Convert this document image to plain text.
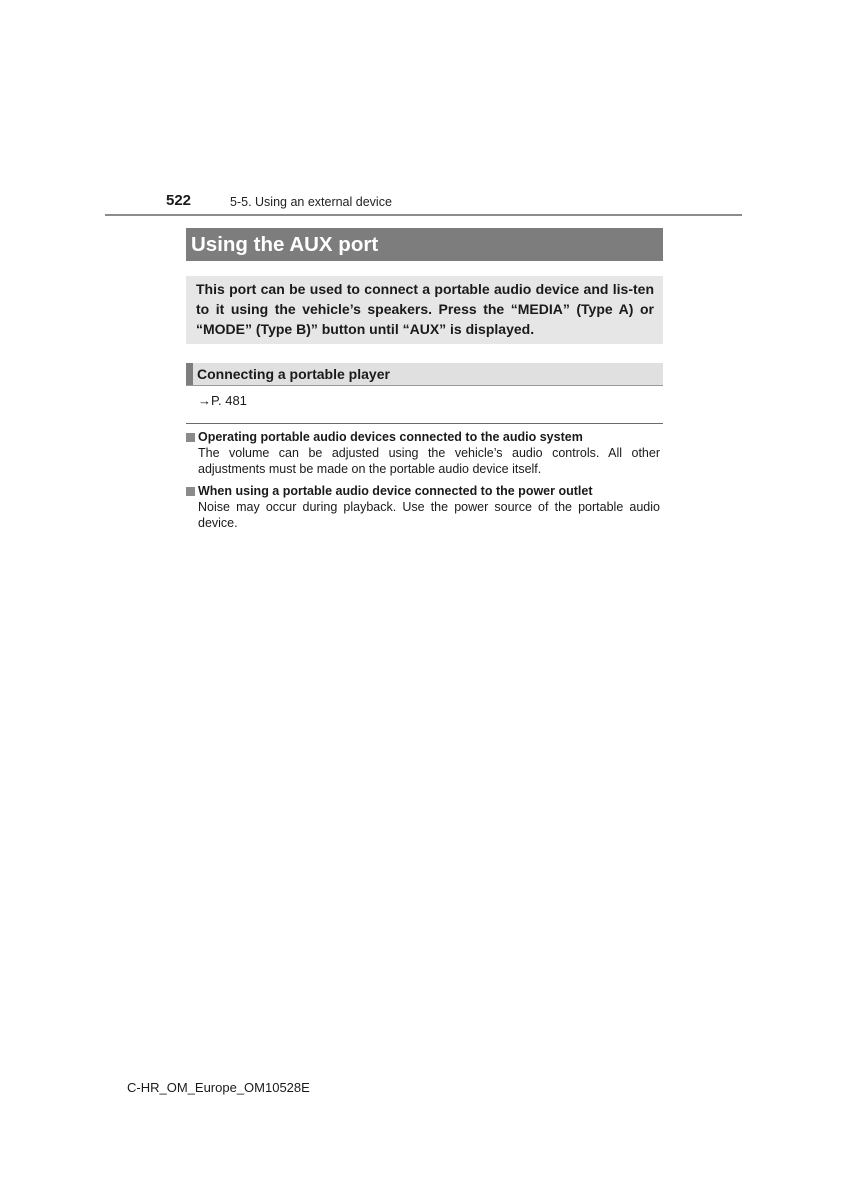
522	5-5. Using an external device
Using the AUX port
This port can be used to connect a portable audio device and lis-ten to it using the vehicle’s speakers. Press the “MEDIA” (Type A) or “MODE” (Type B)” button until “AUX” is displayed.
Connecting a portable player
→P. 481
Operating portable audio devices connected to the audio system
The volume can be adjusted using the vehicle’s audio controls. All other adjustments must be made on the portable audio device itself.
When using a portable audio device connected to the power outlet
Noise may occur during playback. Use the power source of the portable audio device.
C-HR_OM_Europe_OM10528E
